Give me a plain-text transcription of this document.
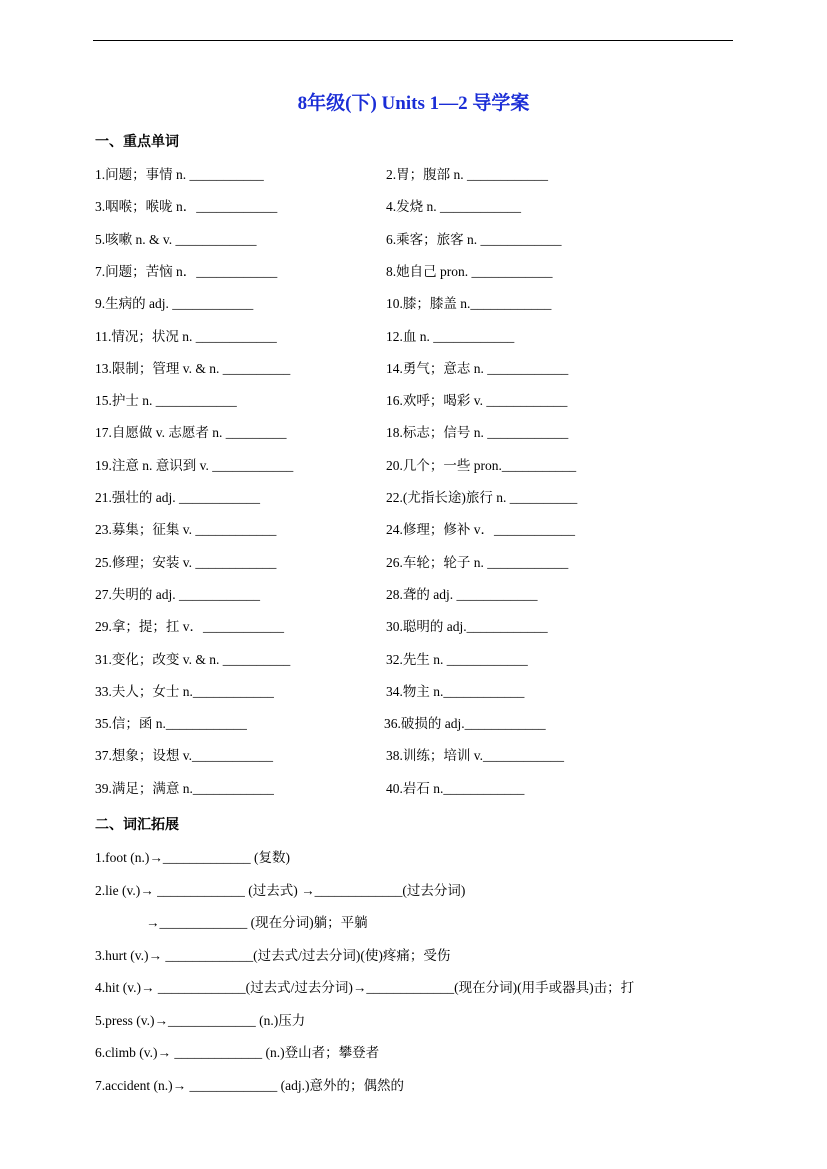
8年级(下) Units 1—2 导学案
一、重点单词
1.问题；事情 n. ___________	2.胃；腹部 n. ____________
3.咽喉；喉咙 n．____________	4.发烧 n. ____________
5.咳嗽 n. & v. ____________	6.乘客；旅客 n. ____________
7.问题；苦恼 n．____________	8.她自己 pron. ____________
9.生病的 adj. ____________	10.膝；膝盖 n.____________
11.情况；状况 n. ____________	12.血 n. ____________
13.限制；管理 v. & n. __________	14.勇气；意志 n. ____________
15.护士 n. ____________	16.欢呼；喝彩 v. ____________
17.自愿做 v. 志愿者 n. _________	18.标志；信号 n. ____________
19.注意 n. 意识到 v. ____________	20.几个；一些 pron.___________
21.强壮的 adj. ____________	22.(尤指长途)旅行 n. __________
23.募集；征集 v. ____________	24.修理；修补 v．____________
25.修理；安装 v. ____________	26.车轮；轮子 n. ____________
27.失明的 adj. ____________	28.聋的 adj. ____________
29.拿；提；扛 v．____________	30.聪明的 adj.____________
31.变化；改变 v. & n. __________	32.先生 n. ____________
33.夫人；女士 n.____________	34.物主 n.____________
35.信；函 n.____________	36.破损的 adj.____________
37.想象；设想 v.____________	38.训练；培训 v.____________
39.满足；满意 n.____________	40.岩石 n.____________
二、词汇拓展
1.foot (n.)→_____________ (复数)
2.lie (v.)→ _____________ (过去式) →_____________(过去分词)
→_____________ (现在分词)躺；平躺
3.hurt (v.)→ _____________(过去式/过去分词)(使)疼痛；受伤
4.hit (v.)→ _____________(过去式/过去分词)→_____________(现在分词)(用手或器具)击；打
5.press (v.)→_____________ (n.)压力
6.climb (v.)→ _____________ (n.)登山者；攀登者
7.accident (n.)→ _____________ (adj.)意外的；偶然的
